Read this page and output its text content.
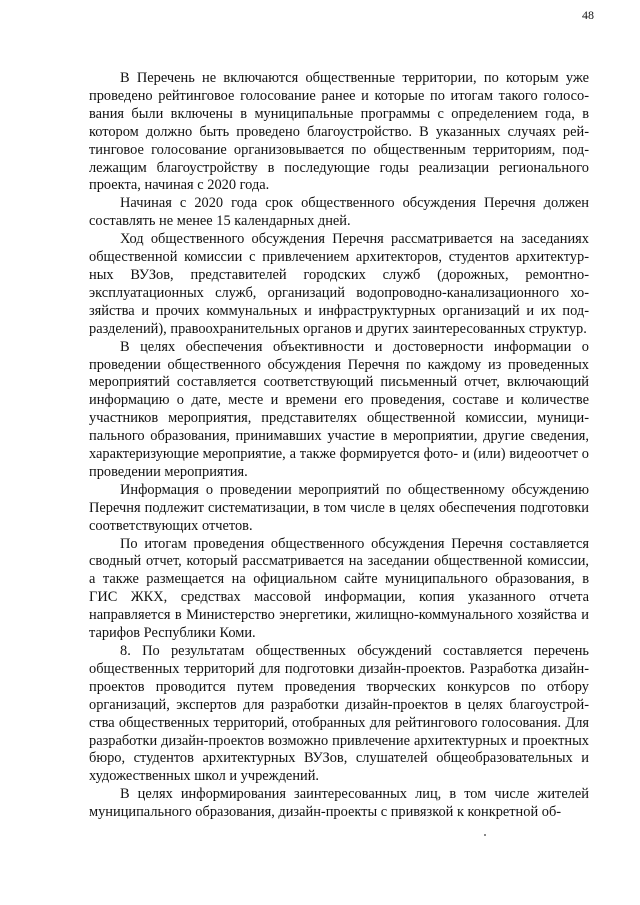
48

В Перечень не включаются общественные территории, по которым уже проведено рейтинговое голосование ранее и которые по итогам такого голосования были включены в муниципальные программы с определением года, в котором должно быть проведено благоустройство. В указанных случаях рейтинговое голосование организовывается по общественным территориям, подлежащим благоустройству в последующие годы реализации регионального проекта, начиная с 2020 года.

Начиная с 2020 года срок общественного обсуждения Перечня должен составлять не менее 15 календарных дней.

Ход общественного обсуждения Перечня рассматривается на заседаниях общественной комиссии с привлечением архитекторов, студентов архитектурных ВУЗов, представителей городских служб (дорожных, ремонтно-эксплуатационных служб, организаций водопроводно-канализационного хозяйства и прочих коммунальных и инфраструктурных организаций и их подразделений), правоохранительных органов и других заинтересованных структур.

В целях обеспечения объективности и достоверности информации о проведении общественного обсуждения Перечня по каждому из проведенных мероприятий составляется соответствующий письменный отчет, включающий информацию о дате, месте и времени его проведения, составе и количестве участников мероприятия, представителях общественной комиссии, муниципального образования, принимавших участие в мероприятии, другие сведения, характеризующие мероприятие, а также формируется фото- и (или) видеоотчет о проведении мероприятия.

Информация о проведении мероприятий по общественному обсуждению Перечня подлежит систематизации, в том числе в целях обеспечения подготовки соответствующих отчетов.

По итогам проведения общественного обсуждения Перечня составляется сводный отчет, который рассматривается на заседании общественной комиссии, а также размещается на официальном сайте муниципального образования, в ГИС ЖКХ, средствах массовой информации, копия указанного отчета направляется в Министерство энергетики, жилищно-коммунального хозяйства и тарифов Республики Коми.

8. По результатам общественных обсуждений составляется перечень общественных территорий для подготовки дизайн-проектов. Разработка дизайн-проектов проводится путем проведения творческих конкурсов по отбору организаций, экспертов для разработки дизайн-проектов в целях благоустройства общественных территорий, отобранных для рейтингового голосования. Для разработки дизайн-проектов возможно привлечение архитектурных и проектных бюро, студентов архитектурных ВУЗов, слушателей общеобразовательных и художественных школ и учреждений.

В целях информирования заинтересованных лиц, в том числе жителей муниципального образования, дизайн-проекты с привязкой к конкретной об-
